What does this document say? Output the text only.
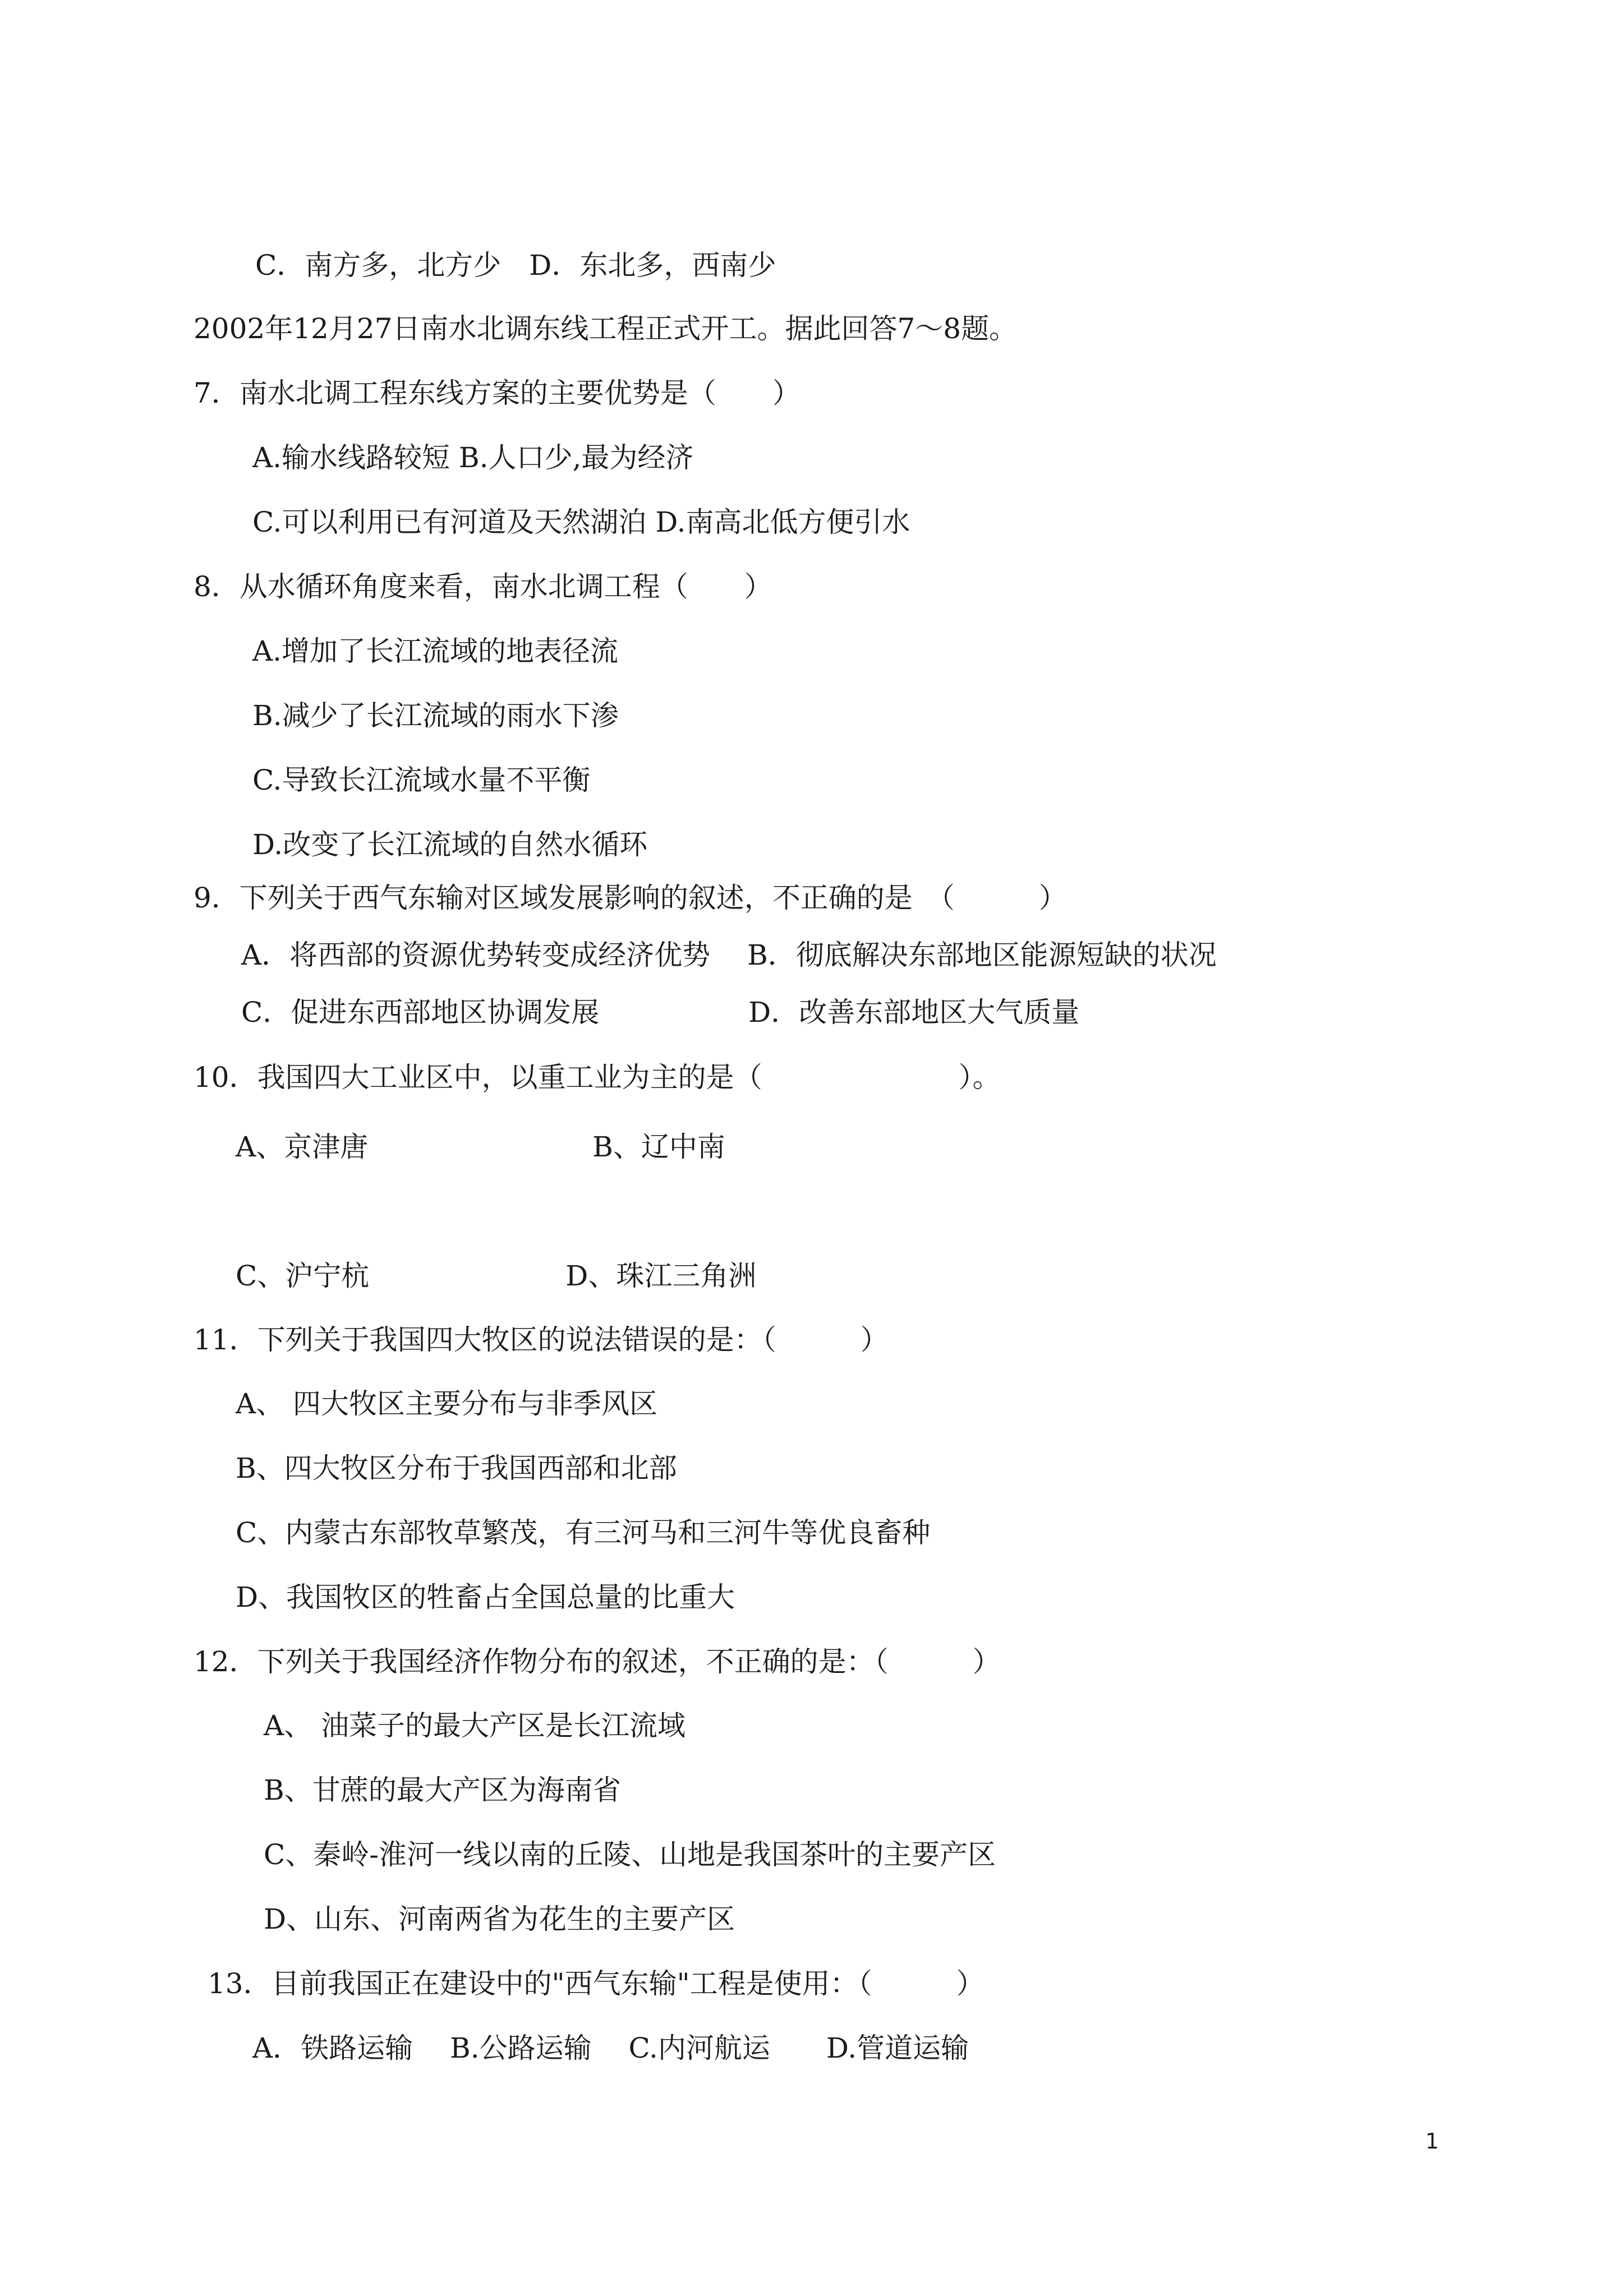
C．南方多，北方少　D．东北多，西南少
2002年12月27日南水北调东线工程正式开工。据此回答7～8题。
7．南水北调工程东线方案的主要优势是（　　）
A.输水线路较短 B.人口少,最为经济
C.可以利用已有河道及天然湖泊 D.南高北低方便引水
8．从水循环角度来看，南水北调工程（　　）
A.增加了长江流域的地表径流
B.减少了长江流域的雨水下渗
C.导致长江流域水量不平衡
D.改变了长江流域的自然水循环
9．下列关于西气东输对区域发展影响的叙述，不正确的是　（　　　）
A．将西部的资源优势转变成经济优势　 B．彻底解决东部地区能源短缺的状况
C．促进东西部地区协调发展　　　　　 D．改善东部地区大气质量
10．我国四大工业区中，以重工业为主的是（　　　　　　　）。
A、京津唐　　　　　　　　B、辽中南
C、沪宁杭　　　　　　　D、珠江三角洲
11．下列关于我国四大牧区的说法错误的是：（　　　）
A、 四大牧区主要分布与非季风区
B、四大牧区分布于我国西部和北部
C、内蒙古东部牧草繁茂，有三河马和三河牛等优良畜种
D、我国牧区的牲畜占全国总量的比重大
12．下列关于我国经济作物分布的叙述，不正确的是：（　　　）
A、 油菜子的最大产区是长江流域
B、甘蔗的最大产区为海南省
C、秦岭-淮河一线以南的丘陵、山地是我国茶叶的主要产区
D、山东、河南两省为花生的主要产区
13．目前我国正在建设中的"西气东输"工程是使用：（　　　）
A．铁路运输　 B.公路运输　 C.内河航运　　D.管道运输
1
